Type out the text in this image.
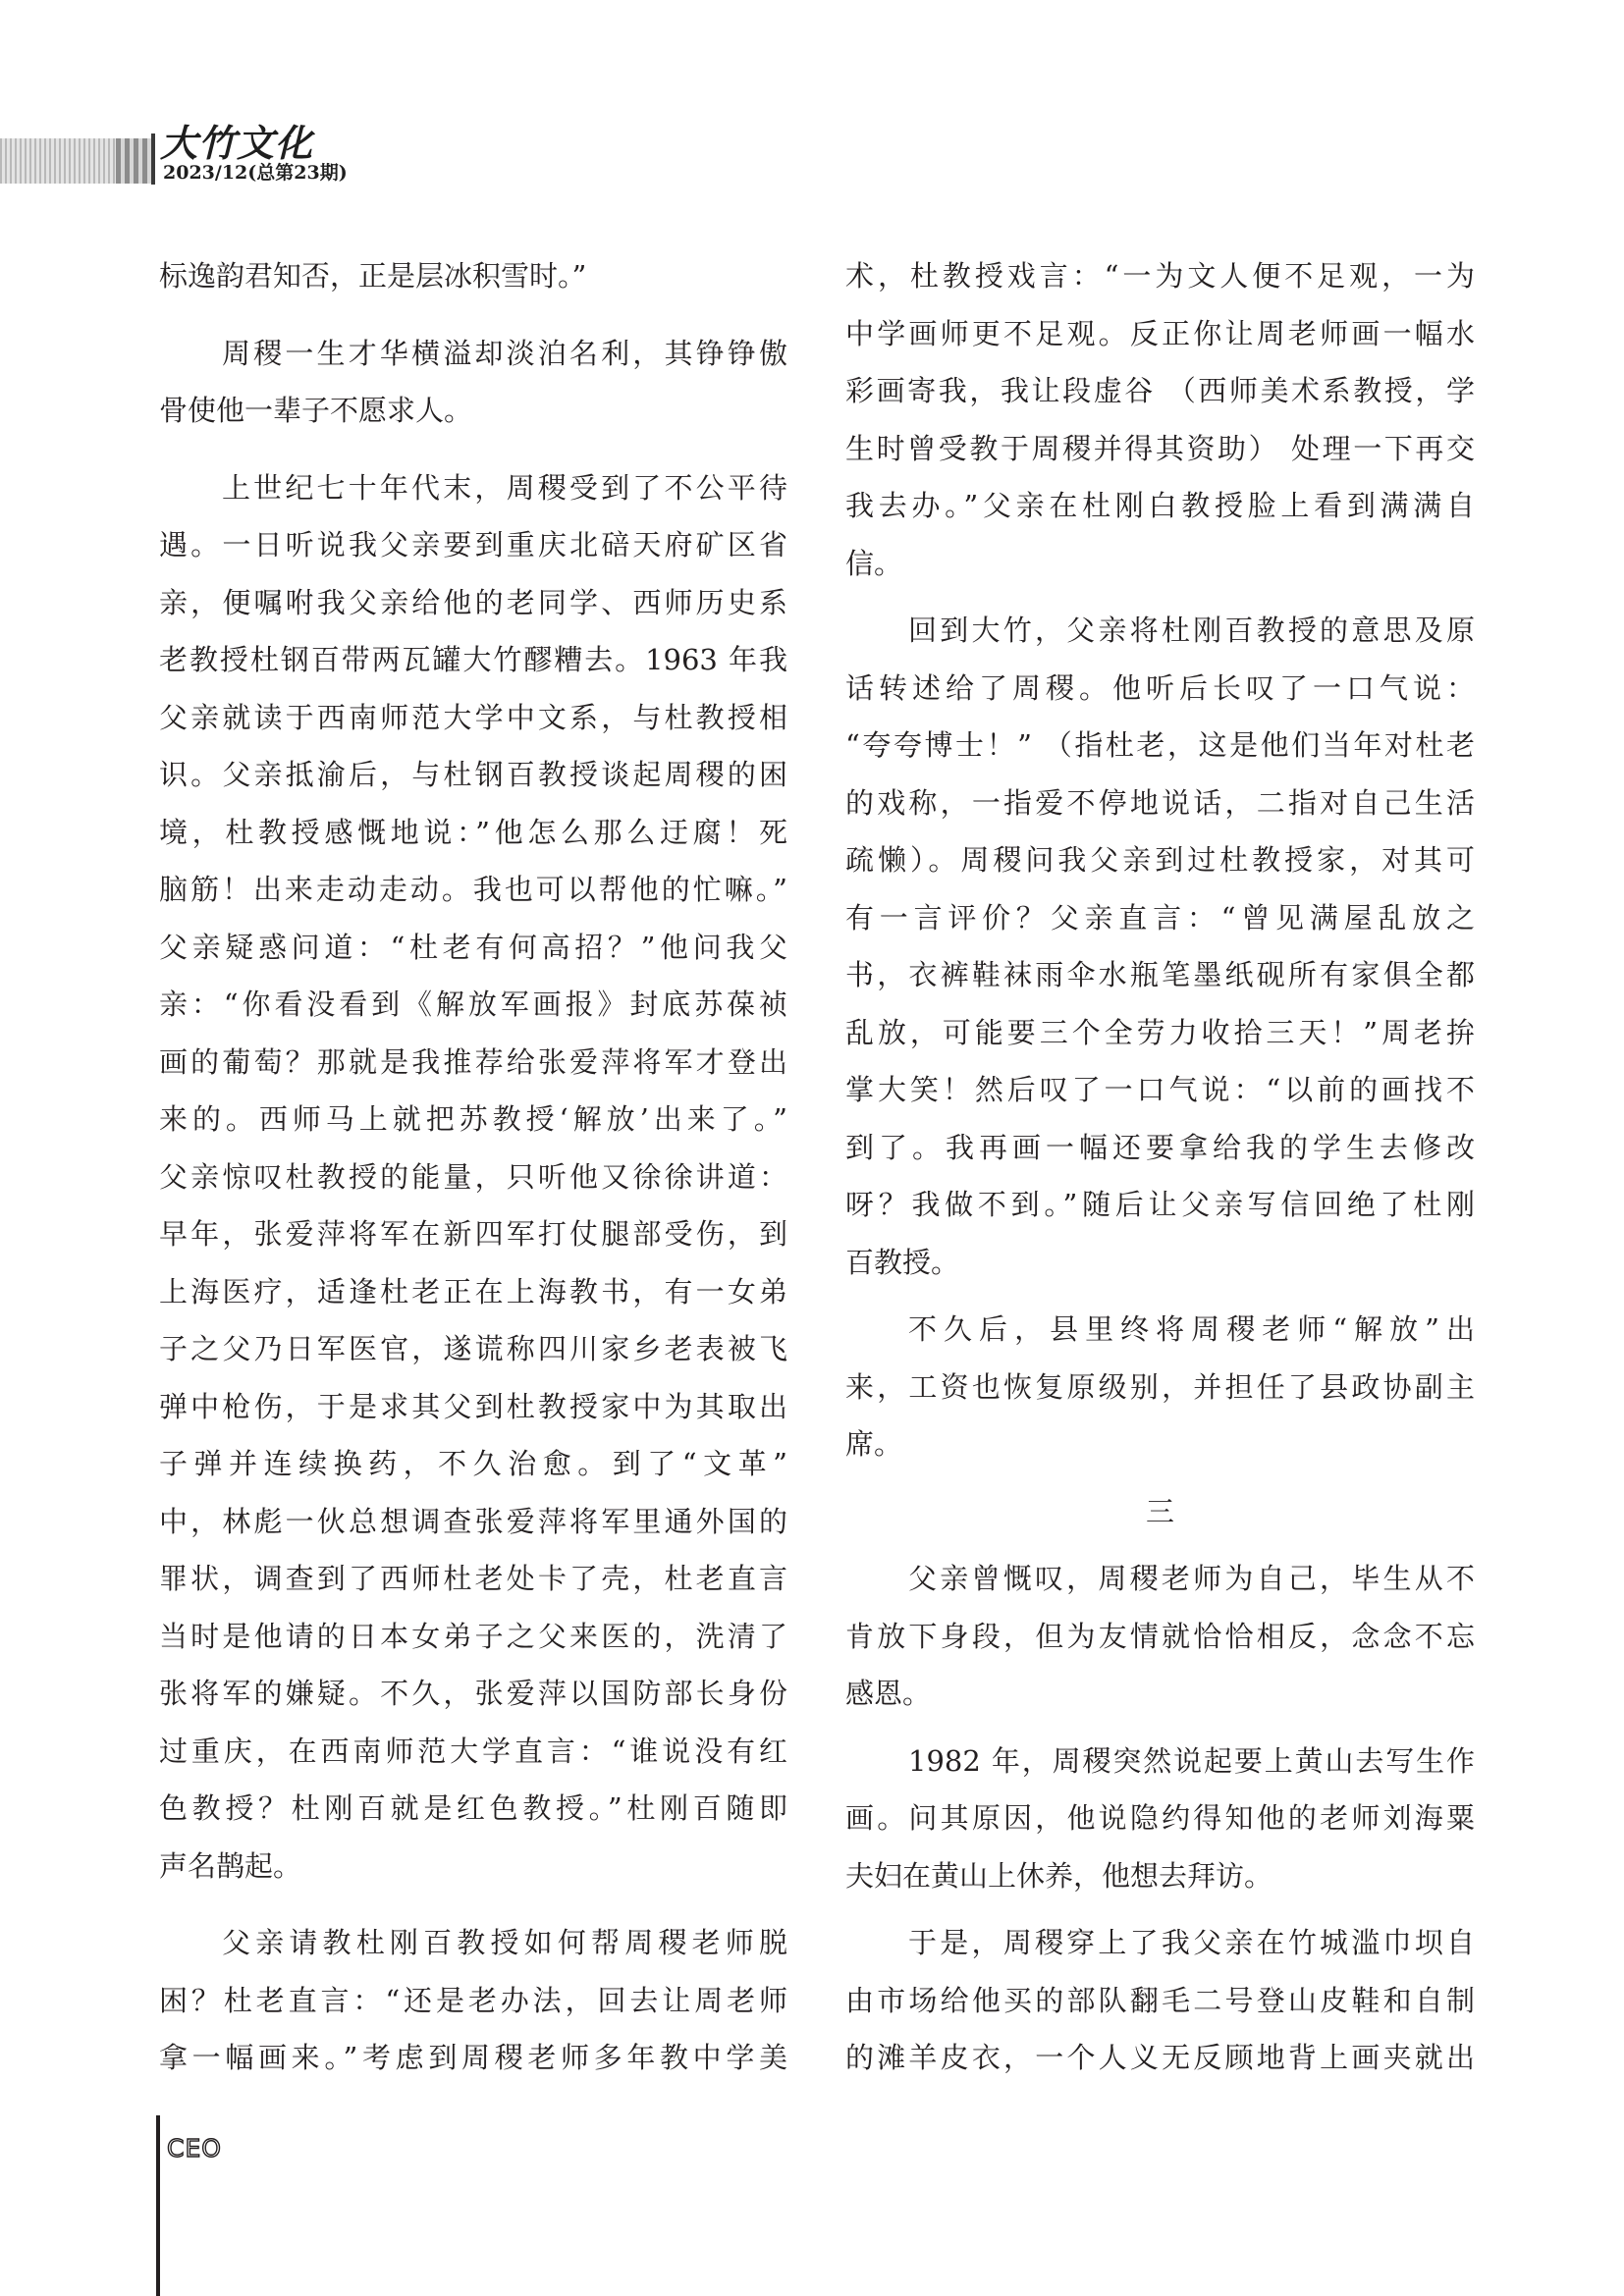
大竹文化
2023/12(总第23期)
标逸韵君知否，正是层冰积雪时。”
周稷一生才华横溢却淡泊名利，其铮铮傲
骨使他一辈子不愿求人。
上世纪七十年代末，周稷受到了不公平待
遇。一日听说我父亲要到重庆北碚天府矿区省
亲，便嘱咐我父亲给他的老同学、西师历史系
老教授杜钢百带两瓦罐大竹醪糟去。1963 年我
父亲就读于西南师范大学中文系，与杜教授相
识。父亲抵渝后，与杜钢百教授谈起周稷的困
境，杜教授感慨地说：”他怎么那么迂腐！死
脑筋！出来走动走动。我也可以帮他的忙嘛。”
父亲疑惑问道：“杜老有何高招？”他问我父
亲：“你看没看到《解放军画报》封底苏葆祯
画的葡萄？那就是我推荐给张爱萍将军才登出
来的。西师马上就把苏教授‘解放’出来了。”
父亲惊叹杜教授的能量，只听他又徐徐讲道：
早年，张爱萍将军在新四军打仗腿部受伤，到
上海医疗，适逢杜老正在上海教书，有一女弟
子之父乃日军医官，遂谎称四川家乡老表被飞
弹中枪伤，于是求其父到杜教授家中为其取出
子弹并连续换药，不久治愈。到了“文革”
中，林彪一伙总想调查张爱萍将军里通外国的
罪状，调查到了西师杜老处卡了壳，杜老直言
当时是他请的日本女弟子之父来医的，洗清了
张将军的嫌疑。不久，张爱萍以国防部长身份
过重庆，在西南师范大学直言：“谁说没有红
色教授？杜刚百就是红色教授。”杜刚百随即
声名鹊起。
父亲请教杜刚百教授如何帮周稷老师脱
困？杜老直言：“还是老办法，回去让周老师
拿一幅画来。”考虑到周稷老师多年教中学美
术，杜教授戏言：“一为文人便不足观，一为
中学画师更不足观。反正你让周老师画一幅水
彩画寄我，我让段虚谷 （西师美术系教授，学
生时曾受教于周稷并得其资助） 处理一下再交
我去办。”父亲在杜刚白教授脸上看到满满自
信。
回到大竹，父亲将杜刚百教授的意思及原
话转述给了周稷。他听后长叹了一口气说：
“夸夸博士！” （指杜老，这是他们当年对杜老
的戏称，一指爱不停地说话，二指对自己生活
疏懒）。周稷问我父亲到过杜教授家，对其可
有一言评价？父亲直言：“曾见满屋乱放之
书，衣裤鞋袜雨伞水瓶笔墨纸砚所有家俱全都
乱放，可能要三个全劳力收拾三天！”周老拚
掌大笑！然后叹了一口气说：“以前的画找不
到了。我再画一幅还要拿给我的学生去修改
呀？我做不到。”随后让父亲写信回绝了杜刚
百教授。
不久后，县里终将周稷老师“解放”出
来，工资也恢复原级别，并担任了县政协副主
席。
三
父亲曾慨叹，周稷老师为自己，毕生从不
肯放下身段，但为友情就恰恰相反，念念不忘
感恩。
1982 年，周稷突然说起要上黄山去写生作
画。问其原因，他说隐约得知他的老师刘海粟
夫妇在黄山上休养，他想去拜访。
于是，周稷穿上了我父亲在竹城滥巾坝自
由市场给他买的部队翻毛二号登山皮鞋和自制
的滩羊皮衣，一个人义无反顾地背上画夹就出
CEO
